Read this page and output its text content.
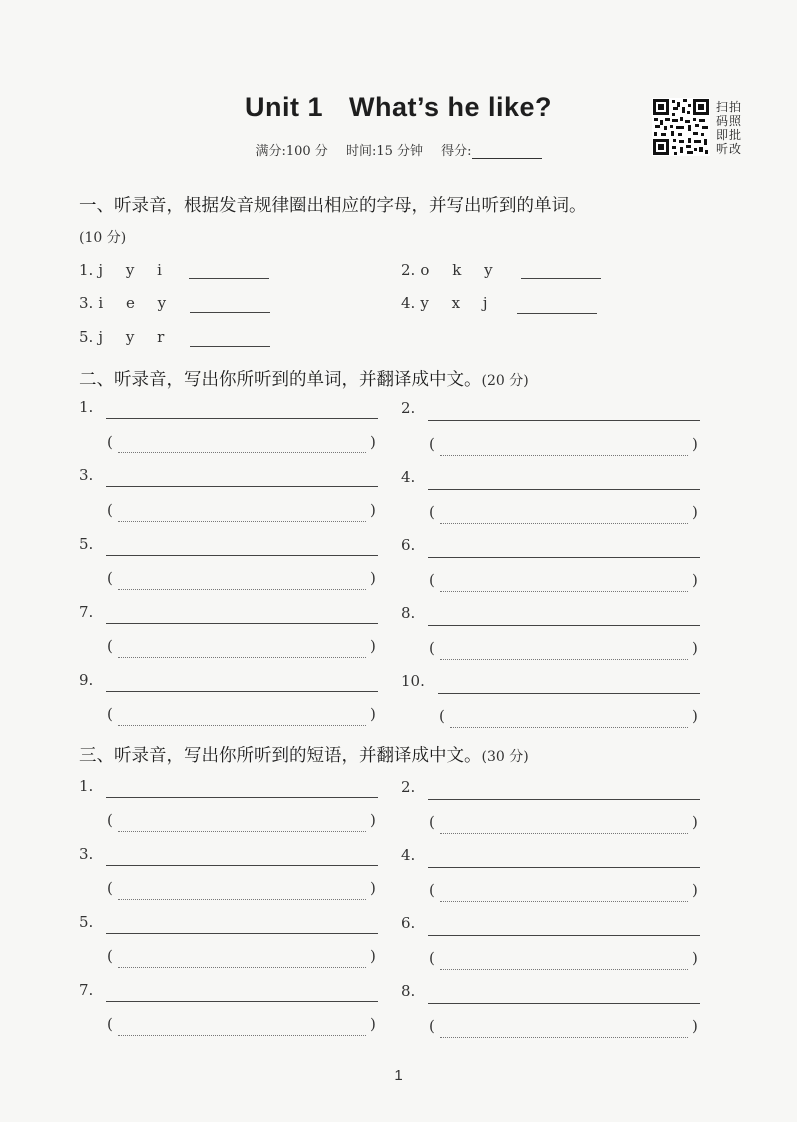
Unit 1 What’s he like?
满分:100 分 时间:15 分钟 得分:
扫拍码照即批听改
一、听录音，根据发音规律圈出相应的字母，并写出听到的单词。
(10 分)
1. j y i	2. o k y
3. i e y	4. y x j
5. j y r
二、听录音，写出你所听到的单词，并翻译成中文。(20 分)
1.
(	)
2.
(	)
3.
(	)
4.
(	)
5.
(	)
6.
(	)
7.
(	)
8.
(	)
9.
(	)
10.
(	)
三、听录音，写出你所听到的短语，并翻译成中文。(30 分)
1.
(	)
2.
(	)
3.
(	)
4.
(	)
5.
(	)
6.
(	)
7.
(	)
8.
(	)
1
